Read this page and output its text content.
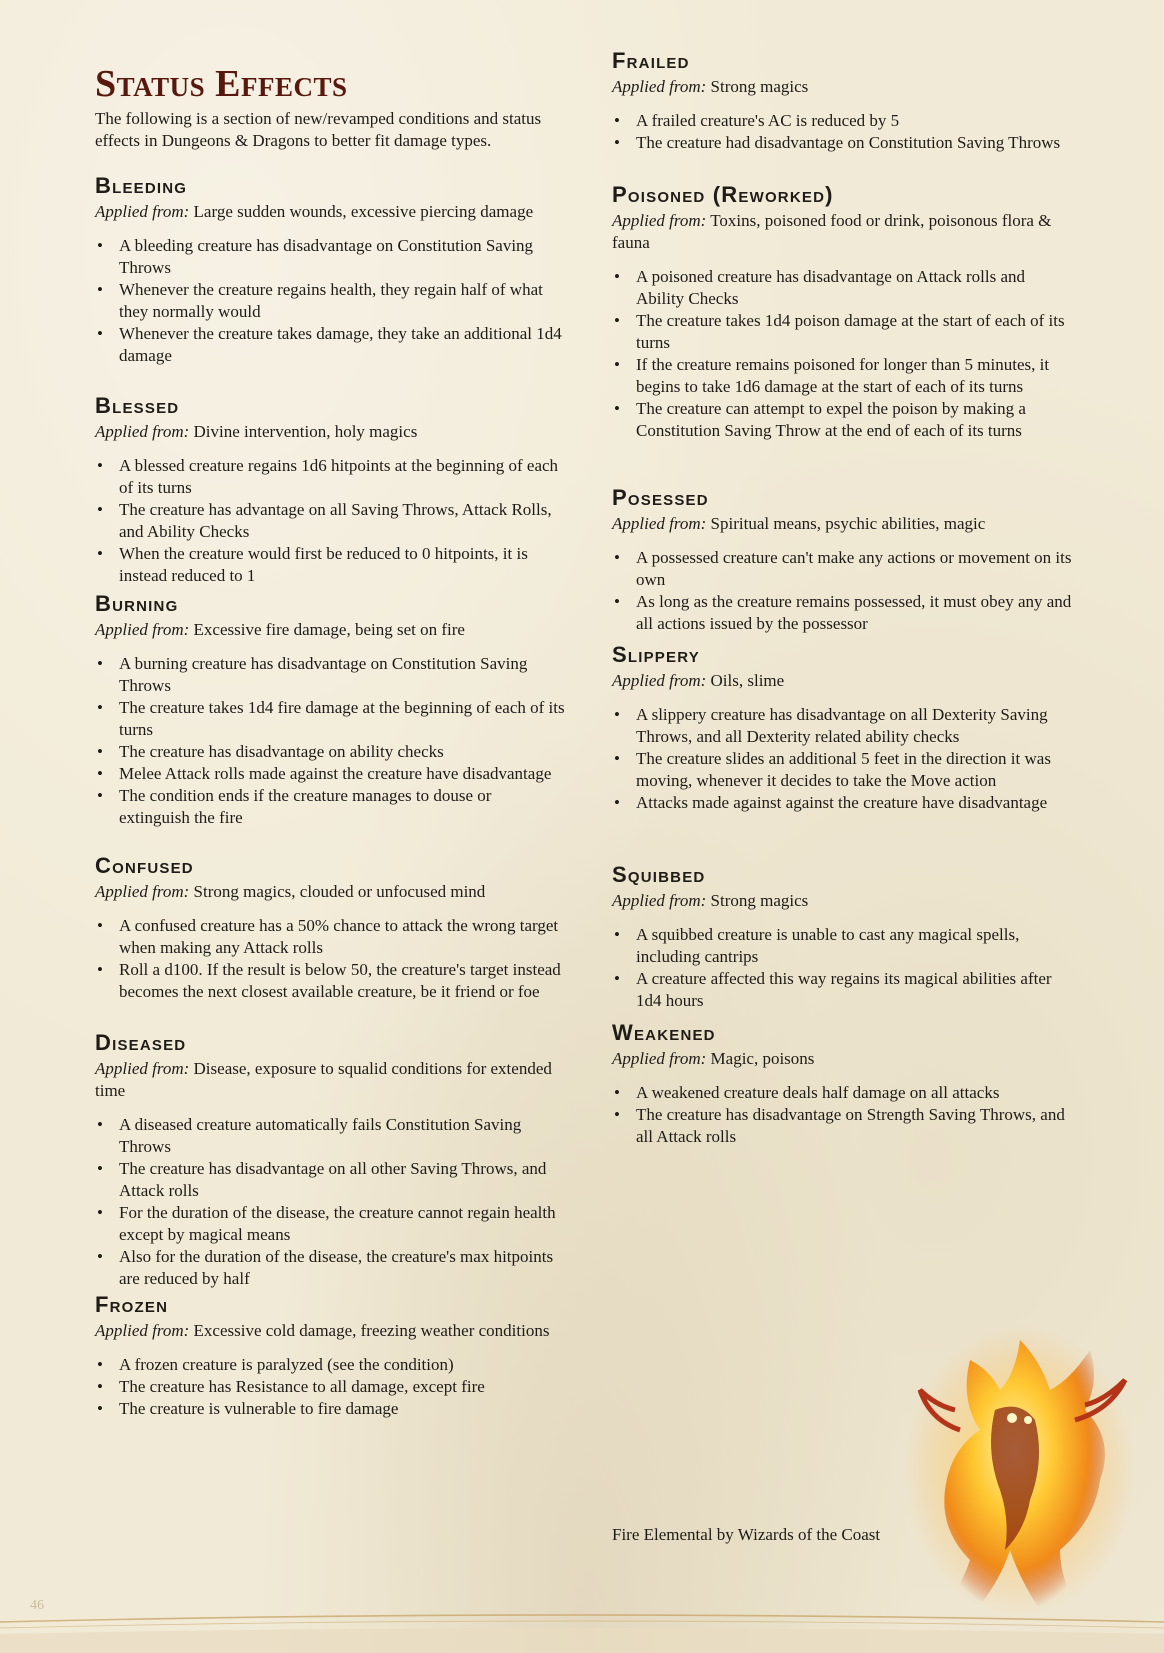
Status Effects

The following is a section of new/revamped conditions and status effects in Dungeons & Dragons to better fit damage types.

Bleeding

Applied from: Large sudden wounds, excessive piercing damage

• A bleeding creature has disadvantage on Constitution Saving Throws
• Whenever the creature regains health, they regain half of what they normally would
• Whenever the creature takes damage, they take an additional 1d4 damage
Blessed

Applied from: Divine intervention, holy magics

• A blessed creature regains 1d6 hitpoints at the beginning of each of its turns
• The creature has advantage on all Saving Throws, Attack Rolls, and Ability Checks
• When the creature would first be reduced to 0 hitpoints, it is instead reduced to 1
Burning

Applied from: Excessive fire damage, being set on fire

• A burning creature has disadvantage on Constitution Saving Throws
• The creature takes 1d4 fire damage at the beginning of each of its turns
• The creature has disadvantage on ability checks
• Melee Attack rolls made against the creature have disadvantage
• The condition ends if the creature manages to douse or extinguish the fire
Confused

Applied from: Strong magics, clouded or unfocused mind

• A confused creature has a 50% chance to attack the wrong target when making any Attack rolls
• Roll a d100. If the result is below 50, the creature's target instead becomes the next closest available creature, be it friend or foe
Diseased

Applied from: Disease, exposure to squalid conditions for extended time

• A diseased creature automatically fails Constitution Saving Throws
• The creature has disadvantage on all other Saving Throws, and Attack rolls
• For the duration of the disease, the creature cannot regain health except by magical means
• Also for the duration of the disease, the creature's max hitpoints are reduced by half
Frozen

Applied from: Excessive cold damage, freezing weather conditions

• A frozen creature is paralyzed (see the condition)
• The creature has Resistance to all damage, except fire
• The creature is vulnerable to fire damage
Frailed

Applied from: Strong magics

• A frailed creature's AC is reduced by 5
• The creature had disadvantage on Constitution Saving Throws
Poisoned (Reworked)

Applied from: Toxins, poisoned food or drink, poisonous flora & fauna

• A poisoned creature has disadvantage on Attack rolls and Ability Checks
• The creature takes 1d4 poison damage at the start of each of its turns
• If the creature remains poisoned for longer than 5 minutes, it begins to take 1d6 damage at the start of each of its turns
• The creature can attempt to expel the poison by making a Constitution Saving Throw at the end of each of its turns
Posessed

Applied from: Spiritual means, psychic abilities, magic

• A possessed creature can't make any actions or movement on its own
• As long as the creature remains possessed, it must obey any and all actions issued by the possessor
Slippery

Applied from: Oils, slime

• A slippery creature has disadvantage on all Dexterity Saving Throws, and all Dexterity related ability checks
• The creature slides an additional 5 feet in the direction it was moving, whenever it decides to take the Move action
• Attacks made against against the creature have disadvantage
Squibbed

Applied from: Strong magics

• A squibbed creature is unable to cast any magical spells, including cantrips
• A creature affected this way regains its magical abilities after 1d4 hours
Weakened

Applied from: Magic, poisons

• A weakened creature deals half damage on all attacks
• The creature has disadvantage on Strength Saving Throws, and all Attack rolls

Fire Elemental by Wizards of the Coast

46
